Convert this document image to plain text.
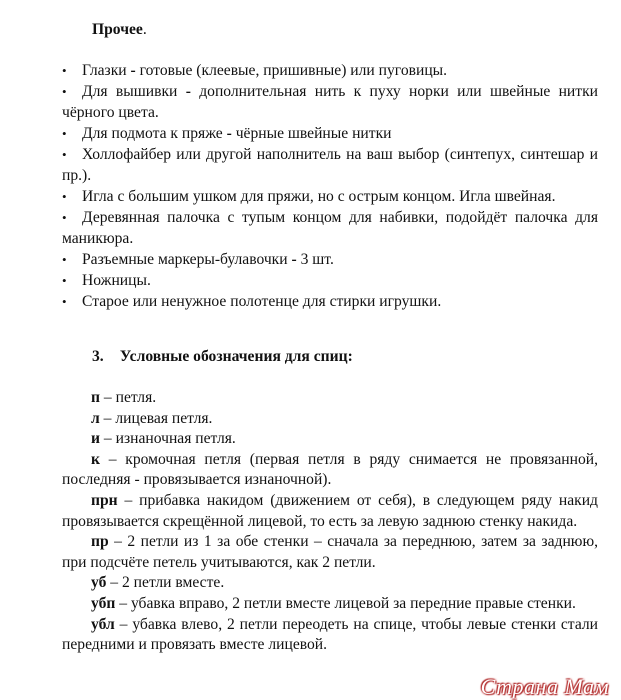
Прочее.
• Глазки - готовые (клеевые, пришивные) или пуговицы.
• Для вышивки - дополнительная нить к пуху норки или швейные нитки чёрного цвета.
• Для подмота к пряже - чёрные швейные нитки
• Холлофайбер или другой наполнитель на ваш выбор (синтепух, синтешар и пр.).
• Игла с большим ушком для пряжи, но с острым концом. Игла швейная.
• Деревянная палочка с тупым концом для набивки, подойдёт палочка для маникюра.
• Разъемные маркеры-булавочки - 3 шт.
• Ножницы.
• Старое или ненужное полотенце для стирки игрушки.
3. Условные обозначения для спиц:
п – петля.
л – лицевая петля.
и – изнаночная петля.
к – кромочная петля (первая петля в ряду снимается не провязанной, последняя - провязывается изнаночной).
прн – прибавка накидом (движением от себя), в следующем ряду накид провязывается скрещённой лицевой, то есть за левую заднюю стенку накида.
пр – 2 петли из 1 за обе стенки – сначала за переднюю, затем за заднюю, при подсчёте петель учитываются, как 2 петли.
уб – 2 петли вместе.
убп – убавка вправо, 2 петли вместе лицевой за передние правые стенки.
убл – убавка влево, 2 петли переодеть на спице, чтобы левые стенки стали передними и провязать вместе лицевой.
Страна Мам
